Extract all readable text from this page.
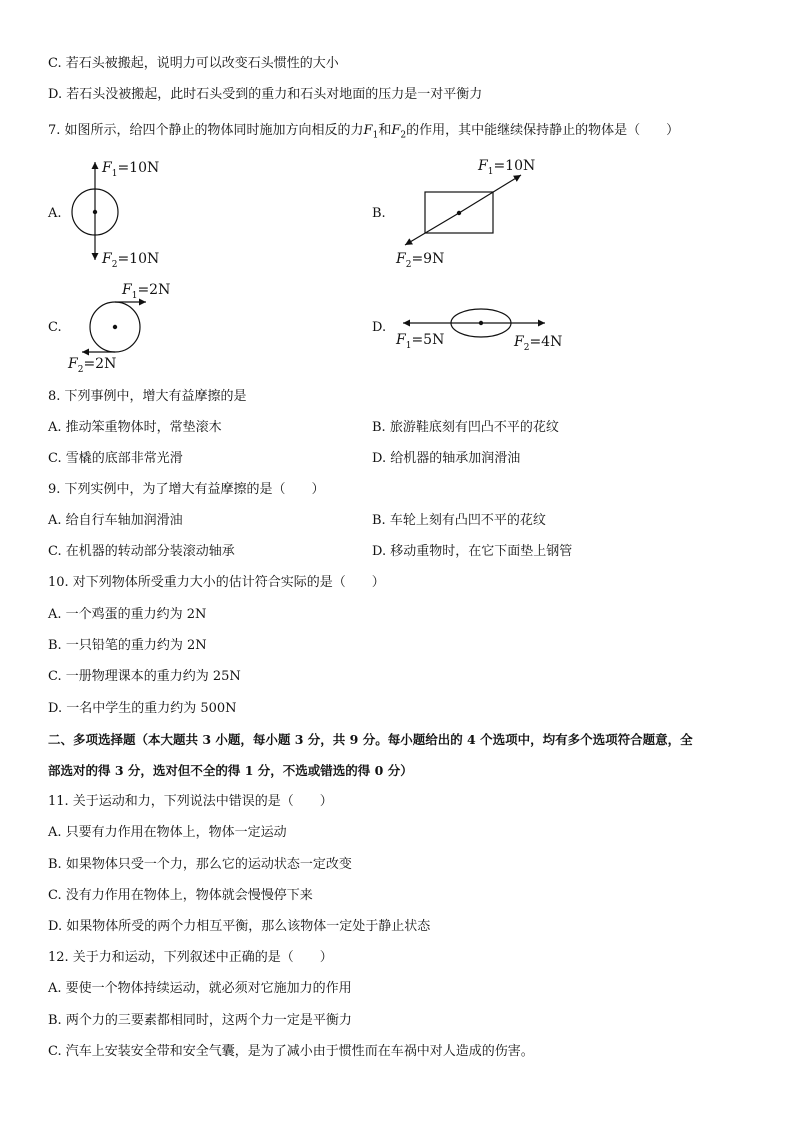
C. 若石头被搬起，说明力可以改变石头惯性的大小
D. 若石头没被搬起，此时石头受到的重力和石头对地面的压力是一对平衡力
7. 如图所示，给四个静止的物体同时施加方向相反的力$F_1$和$F_2$的作用，其中能继续保持静止的物体是（　　）
A.
$F_1=10N$
$F_2=10N$
B.
$F_1=10N$
$F_2=9N$
C.
$F_1=2N$
$F_2=2N$
D.
$F_1=5N$	$F_2=4N$
8. 下列事例中，增大有益摩擦的是
A. 推动笨重物体时，常垫滚木	B. 旅游鞋底刻有凹凸不平的花纹
C. 雪橇的底部非常光滑	D. 给机器的轴承加润滑油
9. 下列实例中，为了增大有益摩擦的是（　　）
A. 给自行车轴加润滑油	B. 车轮上刻有凸凹不平的花纹
C. 在机器的转动部分装滚动轴承	D. 移动重物时，在它下面垫上钢管
10. 对下列物体所受重力大小的估计符合实际的是（　　）
A. 一个鸡蛋的重力约为 2N
B. 一只铅笔的重力约为 2N
C. 一册物理课本的重力约为 25N
D. 一名中学生的重力约为 500N
二、多项选择题（本大题共 3 小题，每小题 3 分，共 9 分。每小题给出的 4 个选项中，均有多个选项符合题意，全
部选对的得 3 分，选对但不全的得 1 分，不选或错选的得 0 分）
11. 关于运动和力，下列说法中错误的是（　　）
A. 只要有力作用在物体上，物体一定运动
B. 如果物体只受一个力，那么它的运动状态一定改变
C. 没有力作用在物体上，物体就会慢慢停下来
D. 如果物体所受的两个力相互平衡，那么该物体一定处于静止状态
12. 关于力和运动，下列叙述中正确的是（　　）
A. 要使一个物体持续运动，就必须对它施加力的作用
B. 两个力的三要素都相同时，这两个力一定是平衡力
C. 汽车上安装安全带和安全气囊，是为了减小由于惯性而在车祸中对人造成的伤害。
